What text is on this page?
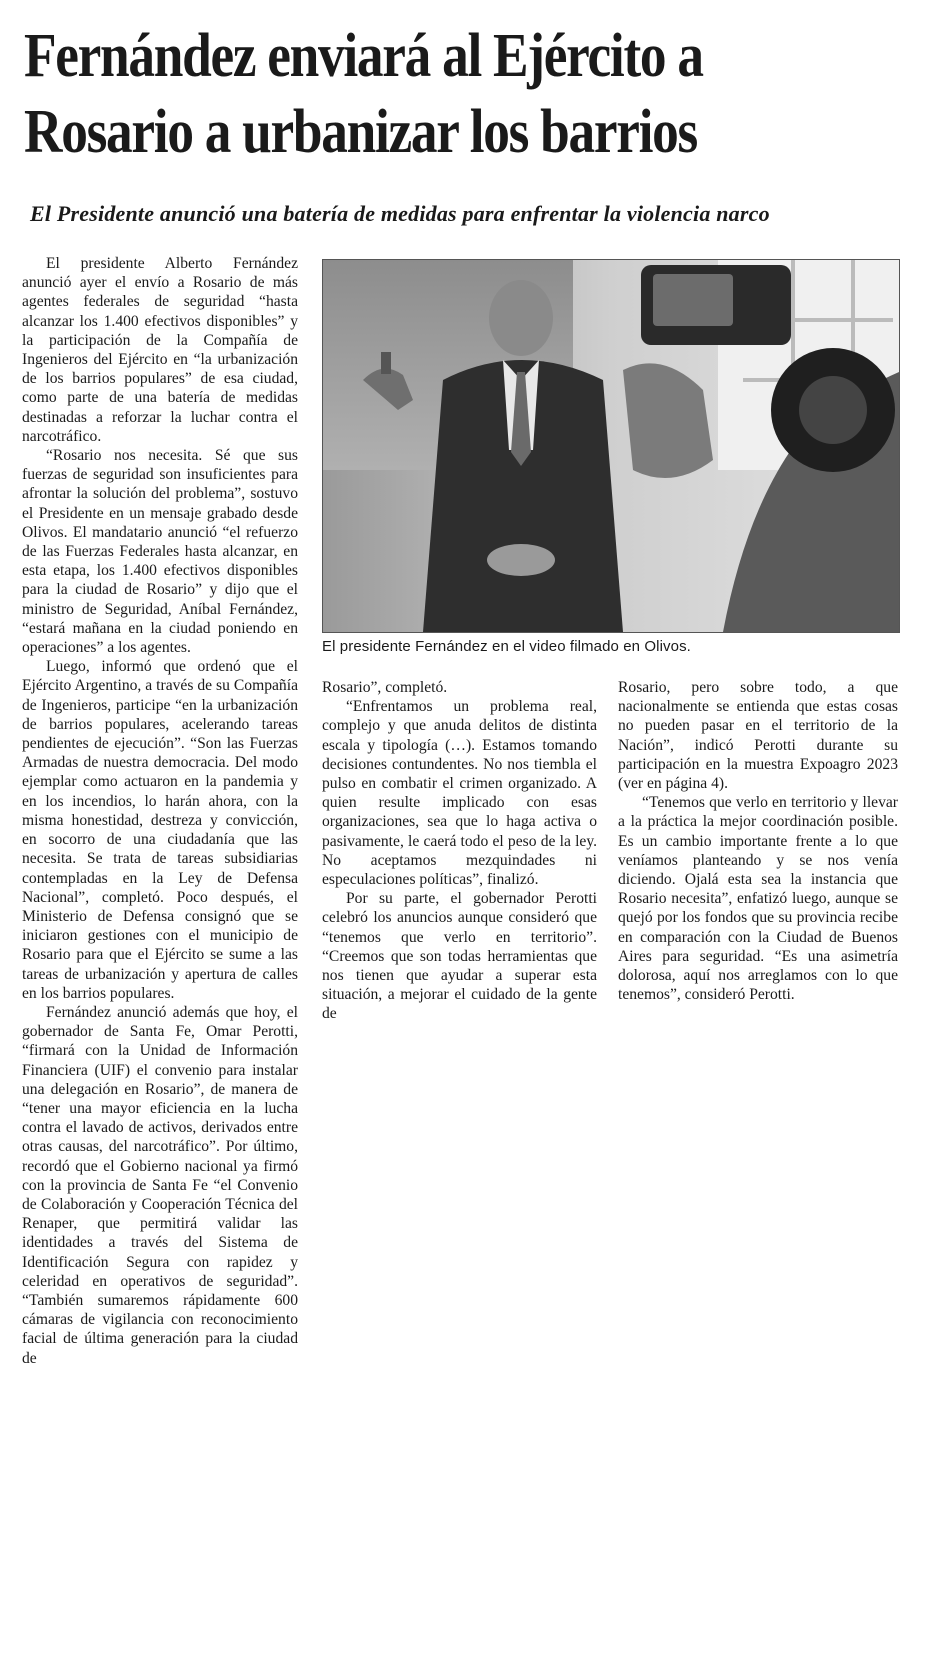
Fernández enviará al Ejército a
Rosario a urbanizar los barrios
El Presidente anunció una batería de medidas para enfrentar la violencia narco

El presidente Alberto Fernández anunció ayer el envío a Rosario de más agentes federales de seguridad “hasta alcanzar los 1.400 efectivos disponibles” y la participación de la Compañía de Ingenieros del Ejército en “la urbanización de los barrios populares” de esa ciudad, como parte de una batería de medidas destinadas a reforzar la luchar contra el narcotráfico.

“Rosario nos necesita. Sé que sus fuerzas de seguridad son insuficientes para afrontar la solución del problema”, sostuvo el Presidente en un mensaje grabado desde Olivos. El mandatario anunció “el refuerzo de las Fuerzas Federales hasta alcanzar, en esta etapa, los 1.400 efectivos disponibles para la ciudad de Rosario” y dijo que el ministro de Seguridad, Aníbal Fernández, “estará mañana en la ciudad poniendo en operaciones” a los agentes.

Luego, informó que ordenó que el Ejército Argentino, a través de su Compañía de Ingenieros, participe “en la urbanización de barrios populares, acelerando tareas pendientes de ejecución”. “Son las Fuerzas Armadas de nuestra democracia. Del modo ejemplar como actuaron en la pandemia y en los incendios, lo harán ahora, con la misma honestidad, destreza y convicción, en socorro de una ciudadanía que las necesita. Se trata de tareas subsidiarias contempladas en la Ley de Defensa Nacional”, completó. Poco después, el Ministerio de Defensa consignó que se iniciaron gestiones con el municipio de Rosario para que el Ejército se sume a las tareas de urbanización y apertura de calles en los barrios populares.

Fernández anunció además que hoy, el gobernador de Santa Fe, Omar Perotti, “firmará con la Unidad de Información Financiera (UIF) el convenio para instalar una delegación en Rosario”, de manera de “tener una mayor eficiencia en la lucha contra el lavado de activos, derivados entre otras causas, del narcotráfico”. Por último, recordó que el Gobierno nacional ya firmó con la provincia de Santa Fe “el Convenio de Colaboración y Cooperación Técnica del Renaper, que permitirá validar las identidades a través del Sistema de Identificación Segura con rapidez y celeridad en operativos de seguridad”. “También sumaremos rápidamente 600 cámaras de vigilancia con reconocimiento facial de última generación para la ciudad de

El presidente Fernández en el video filmado en Olivos.

Rosario”, completó.

“Enfrentamos un problema real, complejo y que anuda delitos de distinta escala y tipología (…). Estamos tomando decisiones contundentes. No nos tiembla el pulso en combatir el crimen organizado. A quien resulte implicado con esas organizaciones, sea que lo haga activa o pasivamente, le caerá todo el peso de la ley. No aceptamos mezquindades ni especulaciones políticas”, finalizó.

Por su parte, el gobernador Perotti celebró los anuncios aunque consideró que “tenemos que verlo en territorio”. “Creemos que son todas herramientas que nos tienen que ayudar a superar esta situación, a mejorar el cuidado de la gente de

Rosario, pero sobre todo, a que nacionalmente se entienda que estas cosas no pueden pasar en el territorio de la Nación”, indicó Perotti durante su participación en la muestra Expoagro 2023 (ver en página 4).

“Tenemos que verlo en territorio y llevar a la práctica la mejor coordinación posible. Es un cambio importante frente a lo que veníamos planteando y se nos venía diciendo. Ojalá esta sea la instancia que Rosario necesita”, enfatizó luego, aunque se quejó por los fondos que su provincia recibe en comparación con la Ciudad de Buenos Aires para seguridad. “Es una asimetría dolorosa, aquí nos arreglamos con lo que tenemos”, consideró Perotti.
